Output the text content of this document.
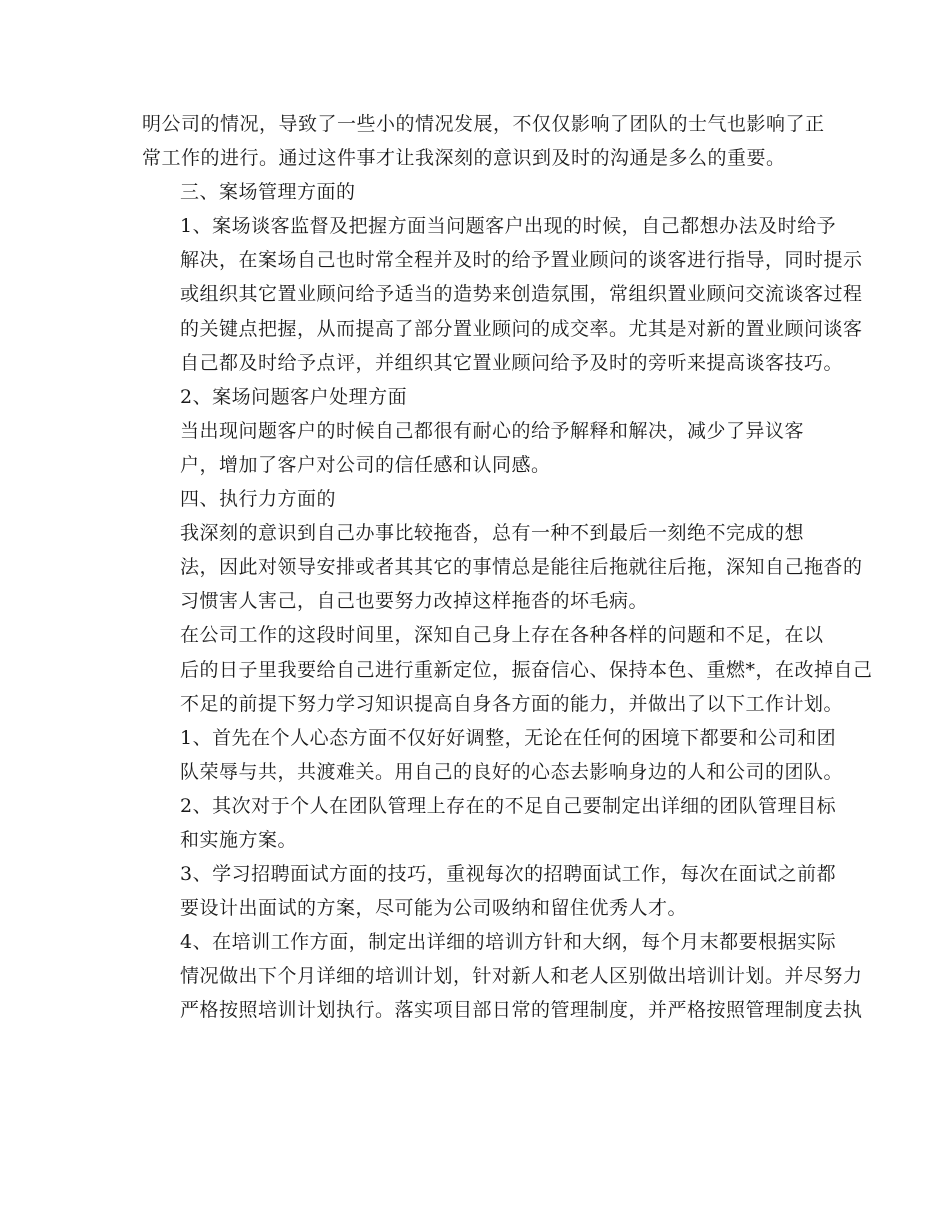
明公司的情况，导致了一些小的情况发展，不仅仅影响了团队的士气也影响了正
常工作的进行。通过这件事才让我深刻的意识到及时的沟通是多么的重要。

三、案场管理方面的

1、案场谈客监督及把握方面当问题客户出现的时候，自己都想办法及时给予
解决，在案场自己也时常全程并及时的给予置业顾问的谈客进行指导，同时提示
或组织其它置业顾问给予适当的造势来创造氛围，常组织置业顾问交流谈客过程
的关键点把握，从而提高了部分置业顾问的成交率。尤其是对新的置业顾问谈客
自己都及时给予点评，并组织其它置业顾问给予及时的旁听来提高谈客技巧。

2、案场问题客户处理方面

当出现问题客户的时候自己都很有耐心的给予解释和解决，减少了异议客
户，增加了客户对公司的信任感和认同感。

四、执行力方面的

我深刻的意识到自己办事比较拖沓，总有一种不到最后一刻绝不完成的想
法，因此对领导安排或者其其它的事情总是能往后拖就往后拖，深知自己拖沓的
习惯害人害己，自己也要努力改掉这样拖沓的坏毛病。

在公司工作的这段时间里，深知自己身上存在各种各样的问题和不足，在以
后的日子里我要给自己进行重新定位，振奋信心、保持本色、重燃*，在改掉自己
不足的前提下努力学习知识提高自身各方面的能力，并做出了以下工作计划。

1、首先在个人心态方面不仅好好调整，无论在任何的困境下都要和公司和团
队荣辱与共，共渡难关。用自己的良好的心态去影响身边的人和公司的团队。

2、其次对于个人在团队管理上存在的不足自己要制定出详细的团队管理目标
和实施方案。

3、学习招聘面试方面的技巧，重视每次的招聘面试工作，每次在面试之前都
要设计出面试的方案，尽可能为公司吸纳和留住优秀人才。

4、在培训工作方面，制定出详细的培训方针和大纲，每个月末都要根据实际
情况做出下个月详细的培训计划，针对新人和老人区别做出培训计划。并尽努力
严格按照培训计划执行。落实项目部日常的管理制度，并严格按照管理制度去执
